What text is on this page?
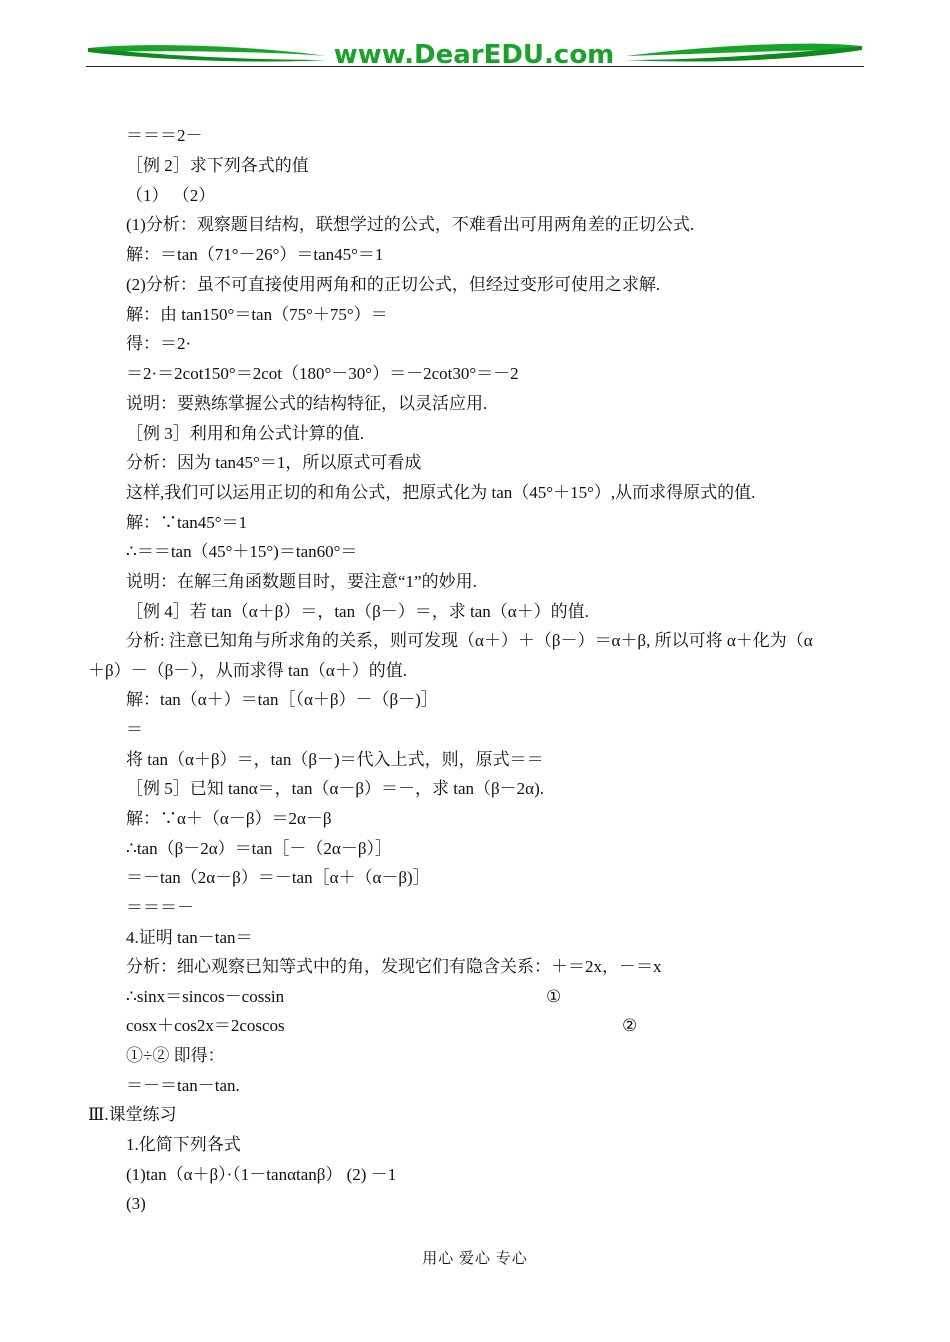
www.DearEDU.com
＝＝＝2－
［例 2］求下列各式的值
（1） （2）
(1)分析：观察题目结构，联想学过的公式，不难看出可用两角差的正切公式.
解：＝tan（71°－26°）＝tan45°＝1
(2)分析：虽不可直接使用两角和的正切公式，但经过变形可使用之求解.
解：由 tan150°＝tan（75°＋75°）＝
得：＝2·
＝2·＝2cot150°＝2cot（180°－30°）＝－2cot30°＝－2
说明：要熟练掌握公式的结构特征，以灵活应用.
［例 3］利用和角公式计算的值.
分析：因为 tan45°＝1，所以原式可看成
这样,我们可以运用正切的和角公式，把原式化为 tan（45°＋15°）,从而求得原式的值.
解：∵tan45°＝1
∴＝＝tan（45°＋15°)＝tan60°＝
说明：在解三角函数题目时，要注意“1”的妙用.
［例 4］若 tan（α＋β）＝，tan（β－）＝，求 tan（α＋）的值.
分析: 注意已知角与所求角的关系，则可发现（α＋）＋（β－）＝α＋β, 所以可将 α＋化为（α
＋β）－（β－），从而求得 tan（α＋）的值.
解：tan（α＋）＝tan［（α＋β）－（β－)］
＝
将 tan（α＋β）＝，tan（β－)＝代入上式，则，原式＝＝
［例 5］已知 tanα＝，tan（α－β）＝－，求 tan（β－2α).
解：∵α＋（α－β）＝2α－β
∴tan（β－2α）＝tan［－（2α－β）］
＝－tan（2α－β）＝－tan［α＋（α－β)］
＝＝＝－
4.证明 tan－tan＝
分析：细心观察已知等式中的角，发现它们有隐含关系：＋＝2x，－＝x
∴sinx＝sincos－cossin	①
cosx＋cos2x＝2coscos	②
①÷② 即得：
＝－＝tan－tan.
Ⅲ.课堂练习
1.化简下列各式
(1)tan（α＋β）·（1－tanαtanβ） (2) －1
(3)
用心 爱心 专心
